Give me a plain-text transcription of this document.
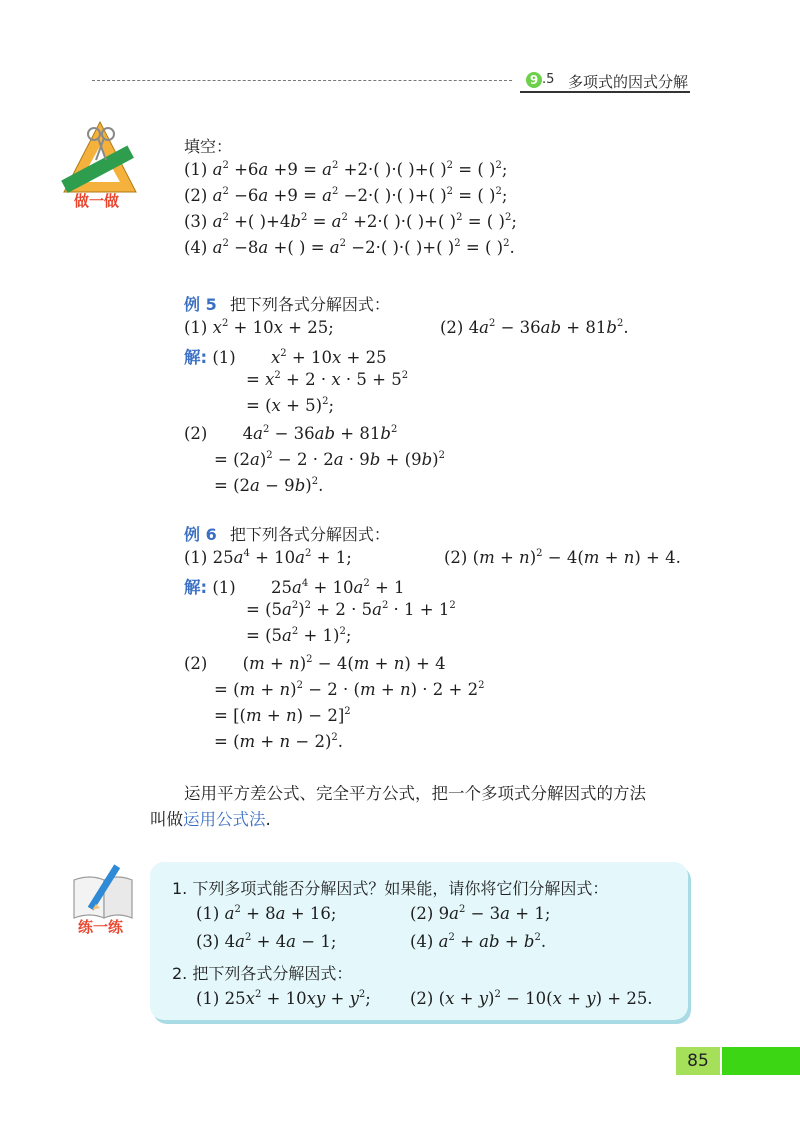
9 .5 多项式的因式分解
做一做
填空：
(1) $a^2 +6a +9 = a^2 +2\cdot$( )·( )+( )$^2$ = ( )$^2$;
(2) $a^2 -6a +9 = a^2 -2\cdot$( )·( )+( )$^2$ = ( )$^2$;
(3) $a^2$ +( )$+4b^2 = a^2 +2\cdot$( )·( )+( )$^2$ = ( )$^2$;
(4) $a^2 -8a$ +( ) = $a^2 -2\cdot$( )·( )+( )$^2$ = ( )$^2$.
例 5 把下列各式分解因式：
(1) $x^2 + 10x + 25$;	(2) $4a^2 - 36ab + 81b^2$.
解: (1) $x^2 + 10x + 25$
= $x^2 + 2 \cdot x \cdot 5 + 5^2$
= $(x + 5)^2$;
(2) $4a^2 - 36ab + 81b^2$
= $(2a)^2 - 2 \cdot 2a \cdot 9b + (9b)^2$
= $(2a - 9b)^2$.
例 6 把下列各式分解因式：
(1) $25a^4 + 10a^2 + 1$;	(2) $(m + n)^2 - 4(m + n) + 4$.
解: (1) $25a^4 + 10a^2 + 1$
= $(5a^2)^2 + 2 \cdot 5a^2 \cdot 1 + 1^2$
= $(5a^2 + 1)^2$;
(2) $(m + n)^2 - 4(m + n) + 4$
= $(m + n)^2 - 2 \cdot (m + n) \cdot 2 + 2^2$
= $[(m + n) - 2]^2$
= $(m + n - 2)^2$.
运用平方差公式、完全平方公式，把一个多项式分解因式的方法
叫做运用公式法.
练一练
1. 下列多项式能否分解因式？如果能，请你将它们分解因式：
(1) $a^2 + 8a + 16$;	(2) $9a^2 - 3a + 1$;
(3) $4a^2 + 4a - 1$;	(4) $a^2$ + ab + $b^2$.
2. 把下列各式分解因式：
(1) $25x^2 + 10xy + y^2$; (2) $(x + y)^2 - 10(x + y) + 25$.
85
